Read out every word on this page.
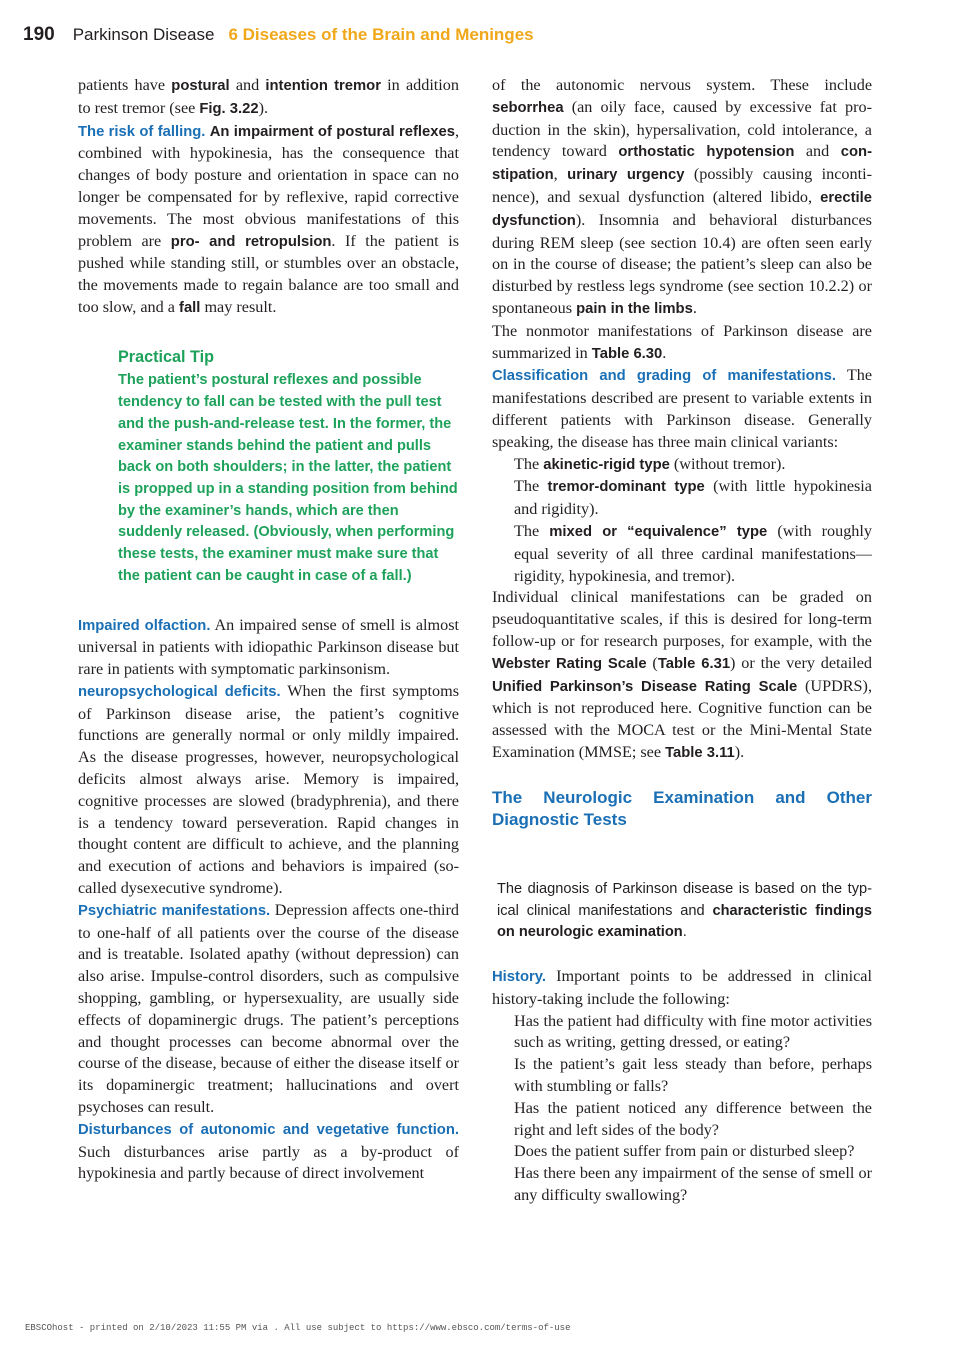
190 Parkinson Disease 6 Diseases of the Brain and Meninges

patients have postural and intention tremor in addition to rest tremor (see Fig. 3.22).

The risk of falling. An impairment of postural reflexes, combined with hypokinesia, has the consequence that changes of body posture and orientation in space can no longer be compensated for by reflexive, rapid corrective movements. The most obvious manifestations of this problem are pro- and retropulsion. If the patient is pushed while standing still, or stumbles over an obstacle, the movements made to regain balance are too small and too slow, and a fall may result.

Practical Tip
The patient’s postural reflexes and possible tendency to fall can be tested with the pull test and the push-and-release test. In the former, the examiner stands behind the patient and pulls back on both shoulders; in the latter, the patient is propped up in a standing position from behind by the examiner’s hands, which are then suddenly released. (Obviously, when performing these tests, the examiner must make sure that the patient can be caught in case of a fall.)

Impaired olfaction. An impaired sense of smell is almost universal in patients with idiopathic Parkinson disease but rare in patients with symptomatic parkinsonism.

neuropsychological deficits. When the first symptoms of Parkinson disease arise, the patient’s cognitive functions are generally normal or only mildly impaired. As the disease progresses, however, neuropsychological deficits almost always arise. Memory is impaired, cognitive processes are slowed (bradyphrenia), and there is a tendency toward perseveration. Rapid changes in thought content are difficult to achieve, and the planning and execution of actions and behaviors is impaired (so-called dysexecutive syndrome).

Psychiatric manifestations. Depression affects one-third to one-half of all patients over the course of the disease and is treatable. Isolated apathy (without depression) can also arise. Impulse-control disorders, such as compulsive shopping, gambling, or hypersexuality, are usually side effects of dopaminergic drugs. The patient’s perceptions and thought processes can become abnormal over the course of the disease, because of either the disease itself or its dopaminergic treatment; hallucinations and overt psychoses can result.

Disturbances of autonomic and vegetative function. Such disturbances arise partly as a by-product of hypokinesia and partly because of direct involvement

of the autonomic nervous system. These include seborrhea (an oily face, caused by excessive fat production in the skin), hypersalivation, cold intolerance, a tendency toward orthostatic hypotension and constipation, urinary urgency (possibly causing incontinence), and sexual dysfunction (altered libido, erectile dysfunction). Insomnia and behavioral disturbances during REM sleep (see section 10.4) are often seen early on in the course of disease; the patient’s sleep can also be disturbed by restless legs syndrome (see section 10.2.2) or spontaneous pain in the limbs.

The nonmotor manifestations of Parkinson disease are summarized in Table 6.30.

Classification and grading of manifestations. The manifestations described are present to variable extents in different patients with Parkinson disease. Generally speaking, the disease has three main clinical variants:

The akinetic-rigid type (without tremor).

The tremor-dominant type (with little hypokinesia and rigidity).

The mixed or “equivalence” type (with roughly equal severity of all three cardinal manifestations—rigidity, hypokinesia, and tremor).

Individual clinical manifestations can be graded on pseudoquantitative scales, if this is desired for long-term follow-up or for research purposes, for example, with the Webster Rating Scale (Table 6.31) or the very detailed Unified Parkinson’s Disease Rating Scale (UPDRS), which is not reproduced here. Cognitive function can be assessed with the MOCA test or the Mini-Mental State Examination (MMSE; see Table 3.11).

The Neurologic Examination and Other Diagnostic Tests

The diagnosis of Parkinson disease is based on the typical clinical manifestations and characteristic findings on neurologic examination.

History. Important points to be addressed in clinical history-taking include the following:

Has the patient had difficulty with fine motor activities such as writing, getting dressed, or eating?

Is the patient’s gait less steady than before, perhaps with stumbling or falls?

Has the patient noticed any difference between the right and left sides of the body?

Does the patient suffer from pain or disturbed sleep?

Has there been any impairment of the sense of smell or any difficulty swallowing?

EBSCOhost - printed on 2/10/2023 11:55 PM via . All use subject to https://www.ebsco.com/terms-of-use
